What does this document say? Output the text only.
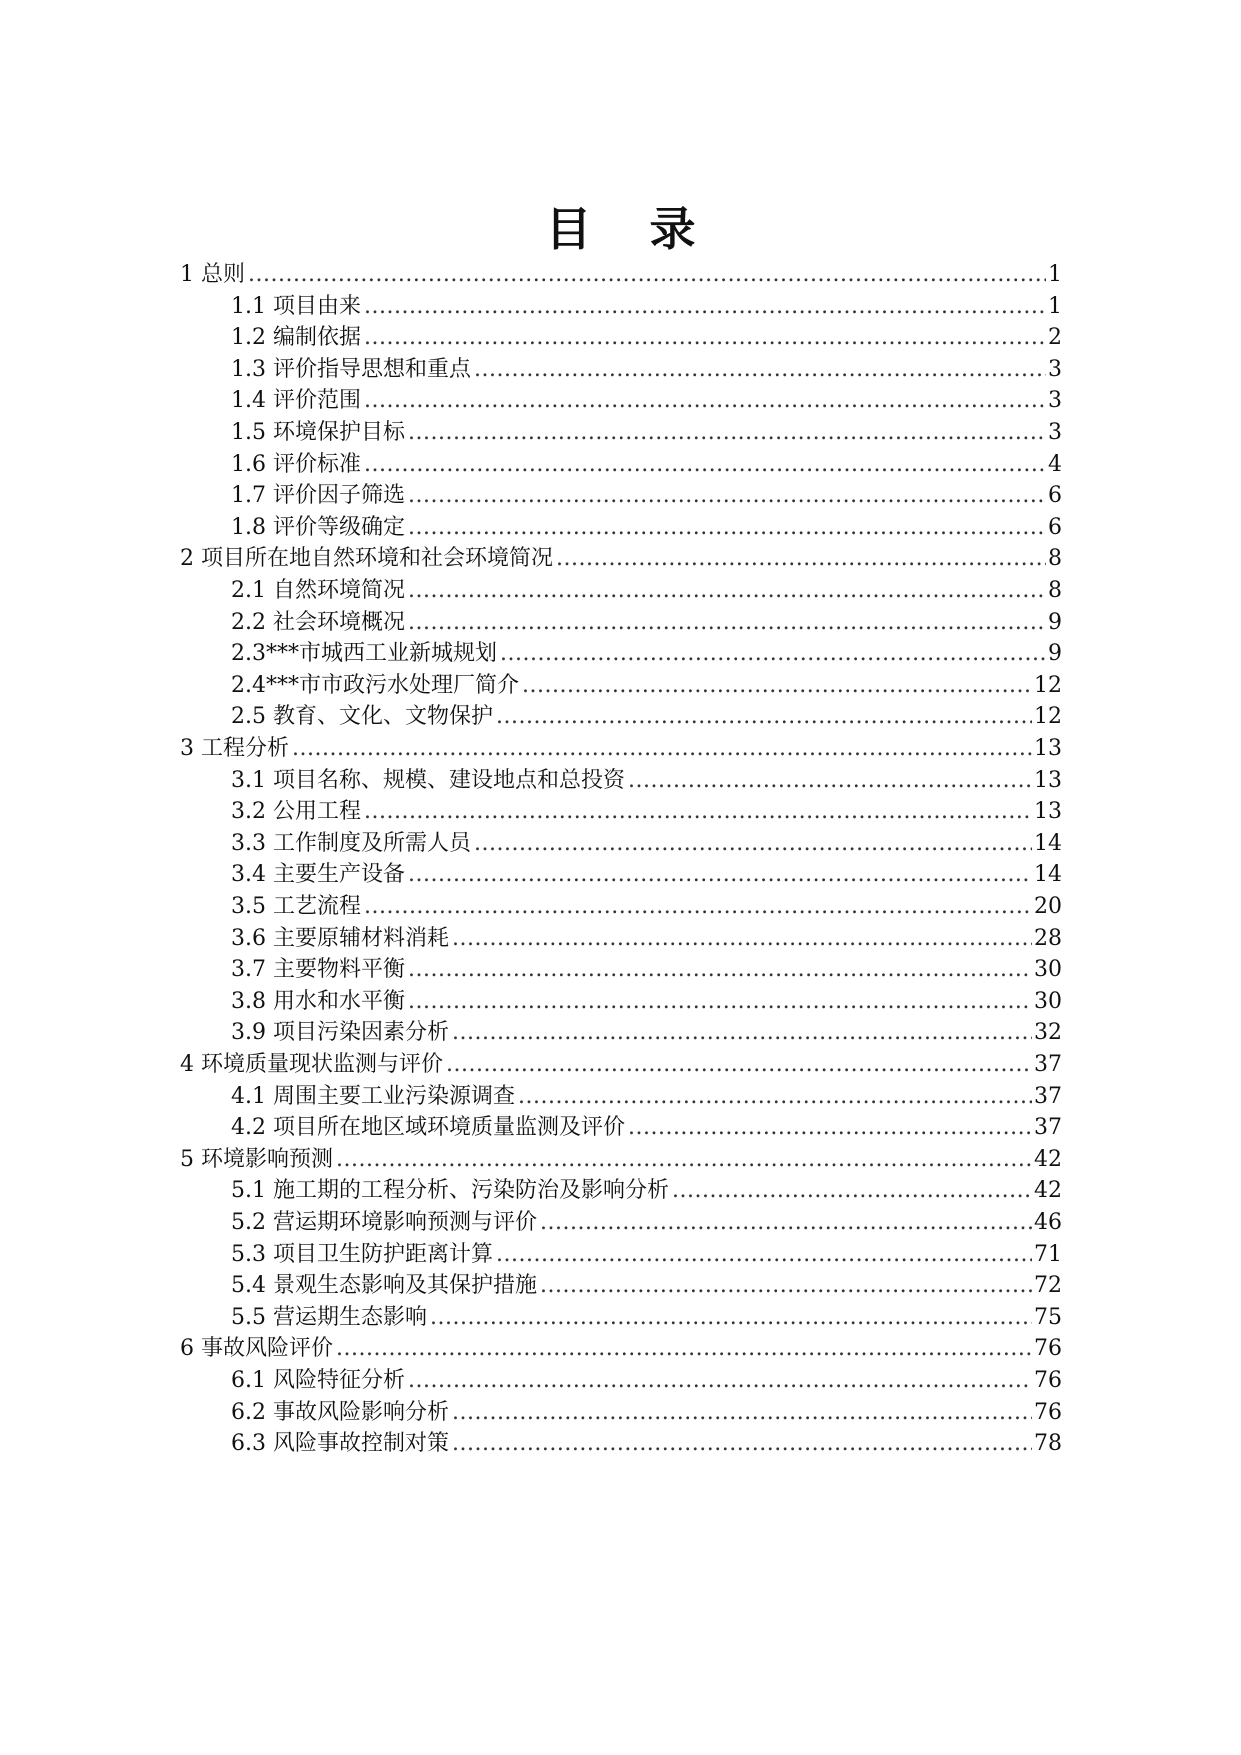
目 录
1 总则 .....	1
1.1 项目由来 .....	1
1.2 编制依据 .....	2
1.3 评价指导思想和重点 .....	3
1.4 评价范围 .....	3
1.5 环境保护目标 .....	3
1.6 评价标准 .....	4
1.7 评价因子筛选 .....	6
1.8 评价等级确定 .....	6
2 项目所在地自然环境和社会环境简况 .....	8
2.1 自然环境简况 .....	8
2.2 社会环境概况 .....	9
2.3***市城西工业新城规划 .....	9
2.4***市市政污水处理厂简介 .....	12
2.5 教育、文化、文物保护 .....	12
3 工程分析 .....	13
3.1 项目名称、规模、建设地点和总投资 .....	13
3.2 公用工程 .....	13
3.3 工作制度及所需人员 .....	14
3.4 主要生产设备 .....	14
3.5 工艺流程 .....	20
3.6 主要原辅材料消耗 .....	28
3.7 主要物料平衡 .....	30
3.8 用水和水平衡 .....	30
3.9 项目污染因素分析 .....	32
4 环境质量现状监测与评价 .....	37
4.1 周围主要工业污染源调查 .....	37
4.2 项目所在地区域环境质量监测及评价 .....	37
5 环境影响预测 .....	42
5.1 施工期的工程分析、污染防治及影响分析 .....	42
5.2 营运期环境影响预测与评价 .....	46
5.3 项目卫生防护距离计算 .....	71
5.4 景观生态影响及其保护措施 .....	72
5.5 营运期生态影响 .....	75
6 事故风险评价 .....	76
6.1 风险特征分析 .....	76
6.2 事故风险影响分析 .....	76
6.3 风险事故控制对策 .....	78
